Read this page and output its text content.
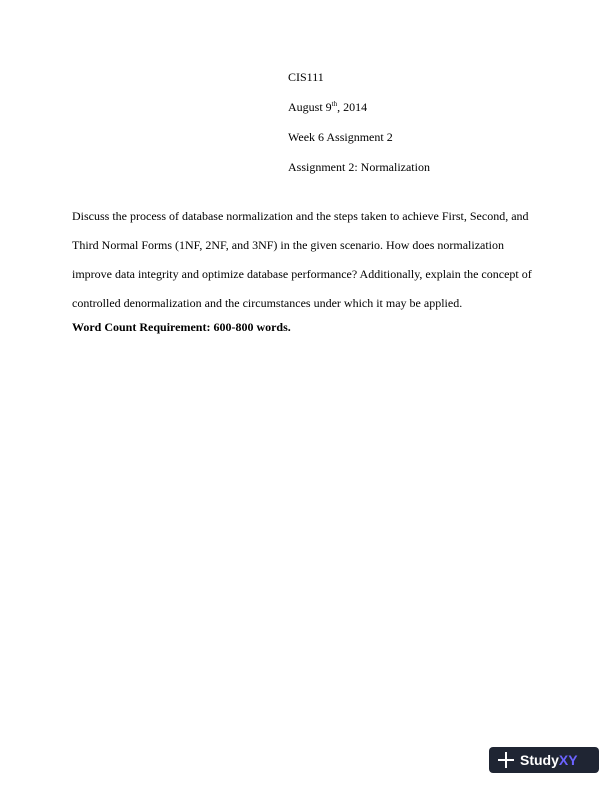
CIS111
August 9th, 2014
Week 6 Assignment 2
Assignment 2: Normalization
Discuss the process of database normalization and the steps taken to achieve First, Second, and
Third Normal Forms (1NF, 2NF, and 3NF) in the given scenario. How does normalization
improve data integrity and optimize database performance? Additionally, explain the concept of
controlled denormalization and the circumstances under which it may be applied.
Word Count Requirement: 600-800 words.
StudyXY
